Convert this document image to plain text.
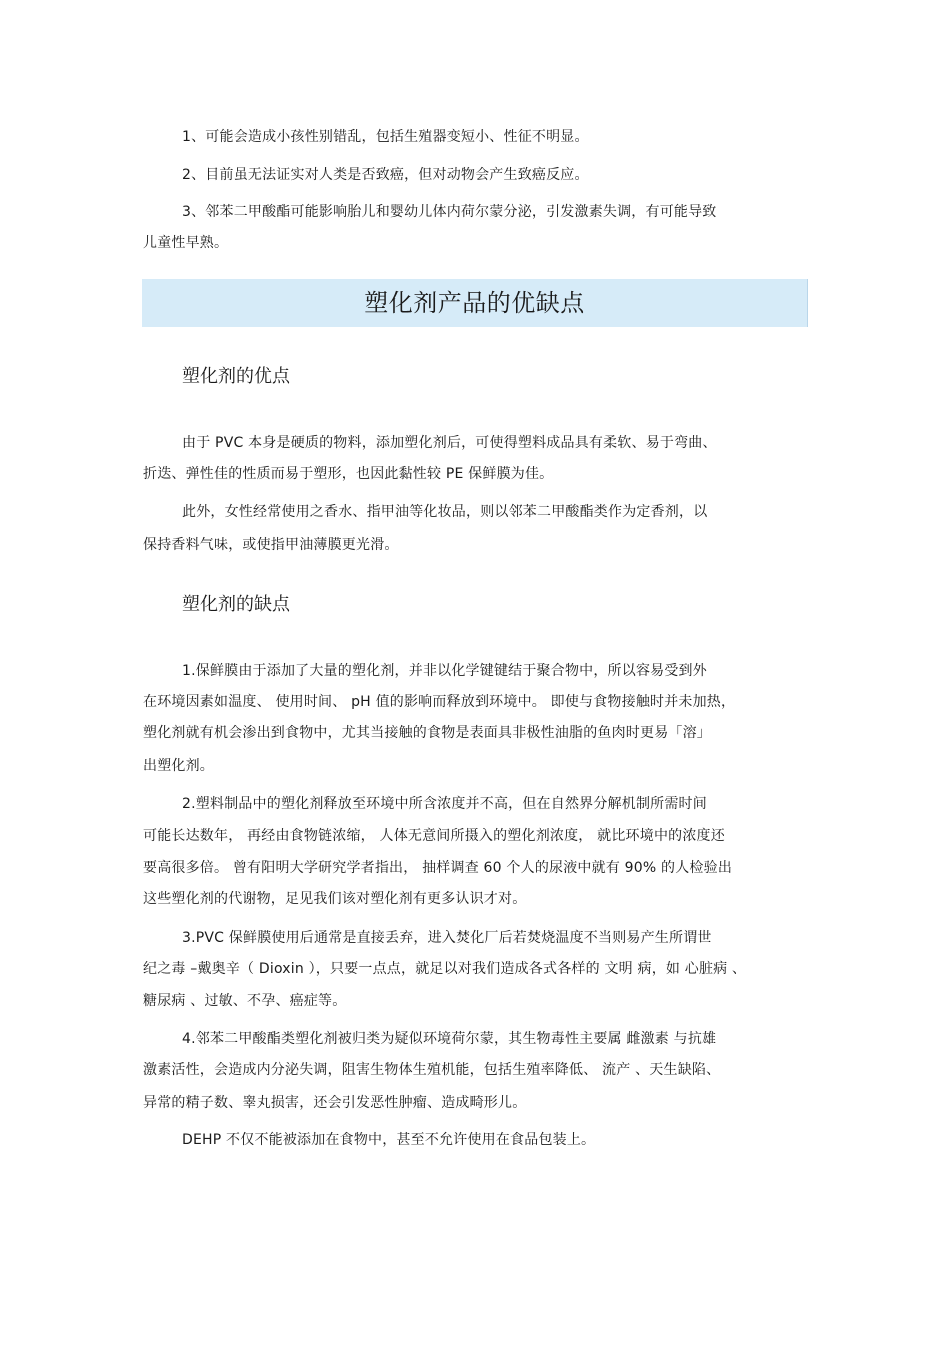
1、可能会造成小孩性别错乱，包括生殖器变短小、性征不明显。
2、目前虽无法证实对人类是否致癌，但对动物会产生致癌反应。
3、邻苯二甲酸酯可能影响胎儿和婴幼儿体内荷尔蒙分泌，引发激素失调，有可能导致
儿童性早熟。
塑化剂产品的优缺点
塑化剂的优点
由于 PVC 本身是硬质的物料，添加塑化剂后，可使得塑料成品具有柔软、易于弯曲、
折迭、弹性佳的性质而易于塑形，也因此黏性较 PE 保鲜膜为佳。
此外，女性经常使用之香水、指甲油等化妆品，则以邻苯二甲酸酯类作为定香剂，以
保持香料气味，或使指甲油薄膜更光滑。
塑化剂的缺点
1.保鲜膜由于添加了大量的塑化剂，并非以化学键键结于聚合物中，所以容易受到外
在环境因素如温度、 使用时间、 pH 值的影响而释放到环境中。 即使与食物接触时并未加热，
塑化剂就有机会渗出到食物中，尤其当接触的食物是表面具非极性油脂的鱼肉时更易「溶」
出塑化剂。
2.塑料制品中的塑化剂释放至环境中所含浓度并不高，但在自然界分解机制所需时间
可能长达数年， 再经由食物链浓缩， 人体无意间所摄入的塑化剂浓度， 就比环境中的浓度还
要高很多倍。 曾有阳明大学研究学者指出， 抽样调查 60 个人的尿液中就有 90% 的人检验出
这些塑化剂的代谢物，足见我们该对塑化剂有更多认识才对。
3.PVC 保鲜膜使用后通常是直接丢弃，进入焚化厂后若焚烧温度不当则易产生所谓世
纪之毒 –戴奥辛（ Dioxin ），只要一点点，就足以对我们造成各式各样的 文明 病，如 心脏病 、
糖尿病 、过敏、不孕、癌症等。
4.邻苯二甲酸酯类塑化剂被归类为疑似环境荷尔蒙，其生物毒性主要属 雌激素 与抗雄
激素活性，会造成内分泌失调，阻害生物体生殖机能，包括生殖率降低、 流产 、天生缺陷、
异常的精子数、睾丸损害，还会引发恶性肿瘤、造成畸形儿。
DEHP 不仅不能被添加在食物中，甚至不允许使用在食品包装上。
